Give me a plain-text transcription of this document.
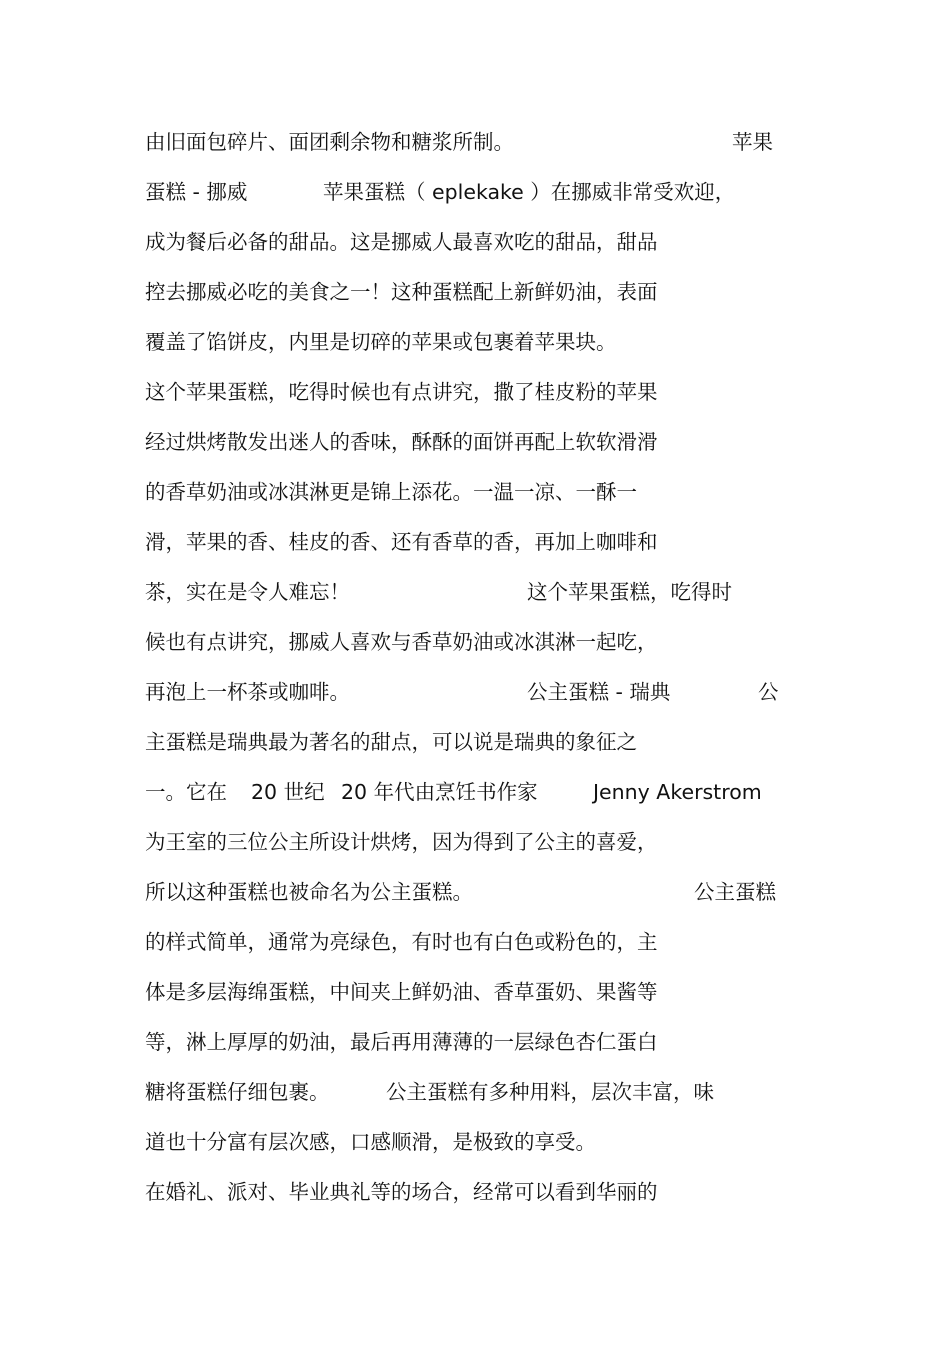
由旧面包碎片、面团剩余物和糖浆所制。	苹果
蛋糕 - 挪威	苹果蛋糕（ eplekake ）在挪威非常受欢迎，
成为餐后必备的甜品。这是挪威人最喜欢吃的甜品，甜品
控去挪威必吃的美食之一！这种蛋糕配上新鲜奶油，表面
覆盖了馅饼皮，内里是切碎的苹果或包裹着苹果块。
这个苹果蛋糕，吃得时候也有点讲究，撒了桂皮粉的苹果
经过烘烤散发出迷人的香味，酥酥的面饼再配上软软滑滑
的香草奶油或冰淇淋更是锦上添花。一温一凉、一酥一
滑，苹果的香、桂皮的香、还有香草的香，再加上咖啡和
茶，实在是令人难忘！	这个苹果蛋糕，吃得时
候也有点讲究，挪威人喜欢与香草奶油或冰淇淋一起吃，
再泡上一杯茶或咖啡。	公主蛋糕 - 瑞典	公
主蛋糕是瑞典最为著名的甜点，可以说是瑞典的象征之
一。它在 20 世纪 20 年代由烹饪书作家	Jenny Akerstrom
为王室的三位公主所设计烘烤，因为得到了公主的喜爱，
所以这种蛋糕也被命名为公主蛋糕。	公主蛋糕
的样式简单，通常为亮绿色，有时也有白色或粉色的，主
体是多层海绵蛋糕，中间夹上鲜奶油、香草蛋奶、果酱等
等，淋上厚厚的奶油，最后再用薄薄的一层绿色杏仁蛋白
糖将蛋糕仔细包裹。	公主蛋糕有多种用料，层次丰富，味
道也十分富有层次感，口感顺滑，是极致的享受。
在婚礼、派对、毕业典礼等的场合，经常可以看到华丽的
